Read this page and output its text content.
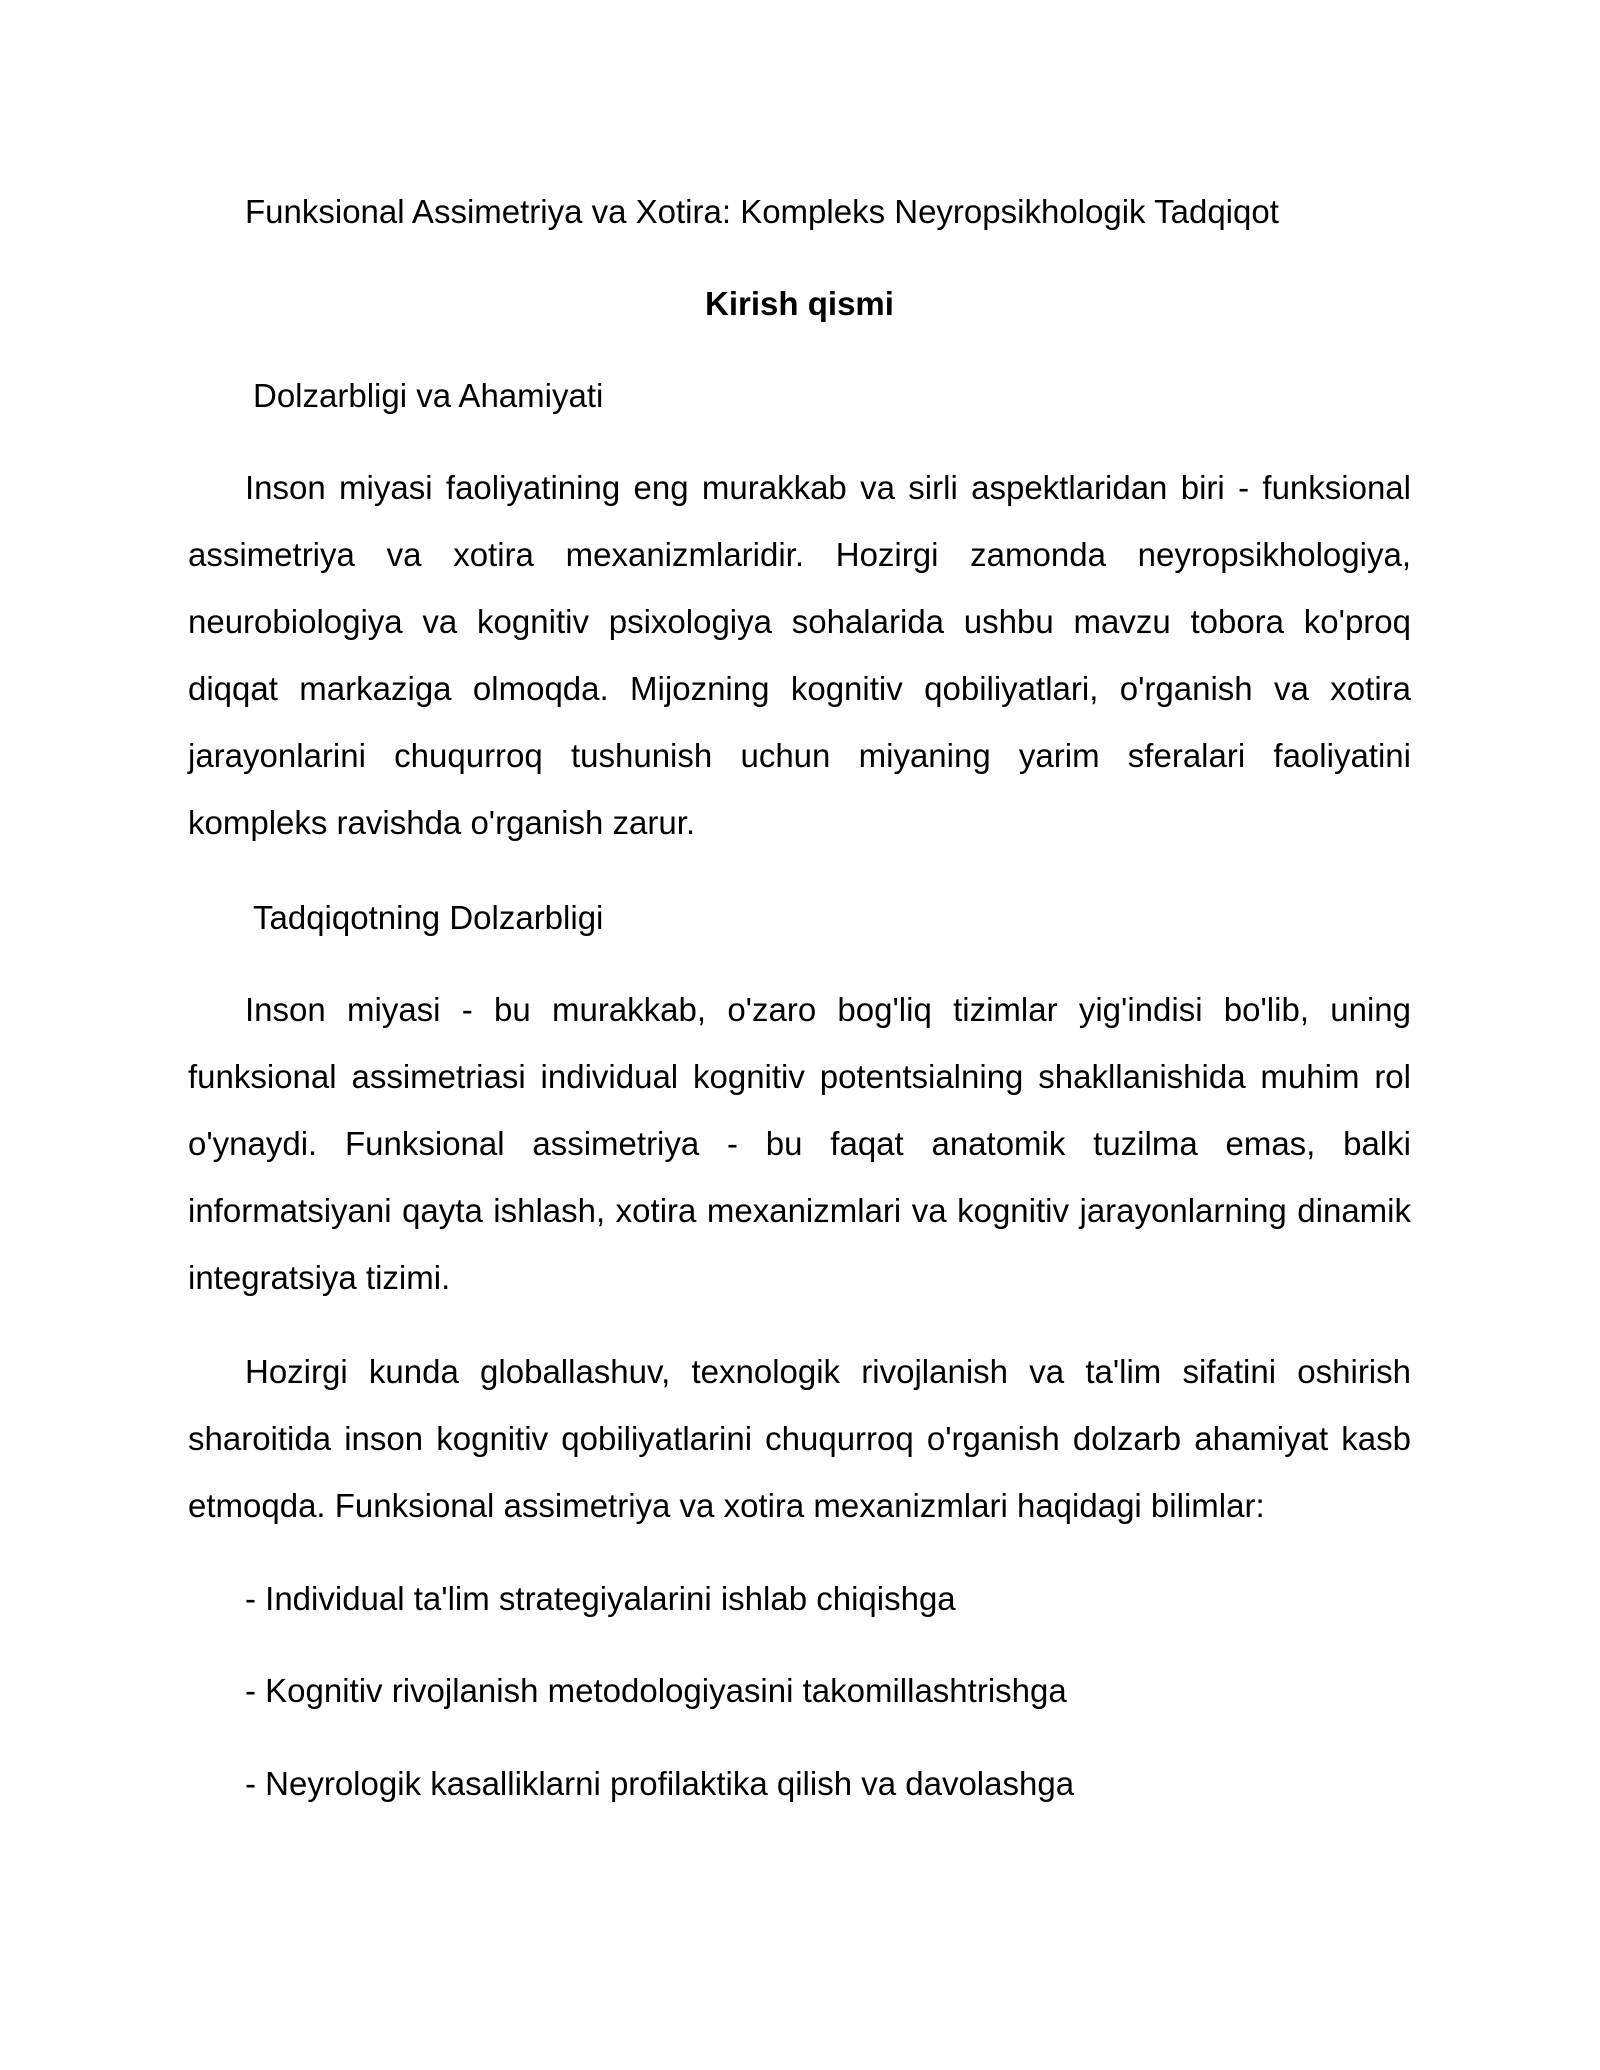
Funksional Assimetriya va Xotira: Kompleks Neyropsikhologik Tadqiqot
Kirish qismi
Dolzarbligi va Ahamiyati

Inson miyasi faoliyatining eng murakkab va sirli aspektlaridan biri - funksional assimetriya va xotira mexanizmlaridir. Hozirgi zamonda neyropsikhologiya, neurobiologiya va kognitiv psixologiya sohalarida ushbu mavzu tobora ko'proq diqqat markaziga olmoqda. Mijozning kognitiv qobiliyatlari, o'rganish va xotira jarayonlarini chuqurroq tushunish uchun miyaning yarim sferalari faoliyatini kompleks ravishda o'rganish zarur.

Tadqiqotning Dolzarbligi

Inson miyasi - bu murakkab, o'zaro bog'liq tizimlar yig'indisi bo'lib, uning funksional assimetriasi individual kognitiv potentsialning shakllanishida muhim rol o'ynaydi. Funksional assimetriya - bu faqat anatomik tuzilma emas, balki informatsiyani qayta ishlash, xotira mexanizmlari va kognitiv jarayonlarning dinamik integratsiya tizimi.

Hozirgi kunda globallashuv, texnologik rivojlanish va ta'lim sifatini oshirish sharoitida inson kognitiv qobiliyatlarini chuqurroq o'rganish dolzarb ahamiyat kasb etmoqda. Funksional assimetriya va xotira mexanizmlari haqidagi bilimlar:

- Individual ta'lim strategiyalarini ishlab chiqishga
- Kognitiv rivojlanish metodologiyasini takomillashtrishga
- Neyrologik kasalliklarni profilaktika qilish va davolashga
